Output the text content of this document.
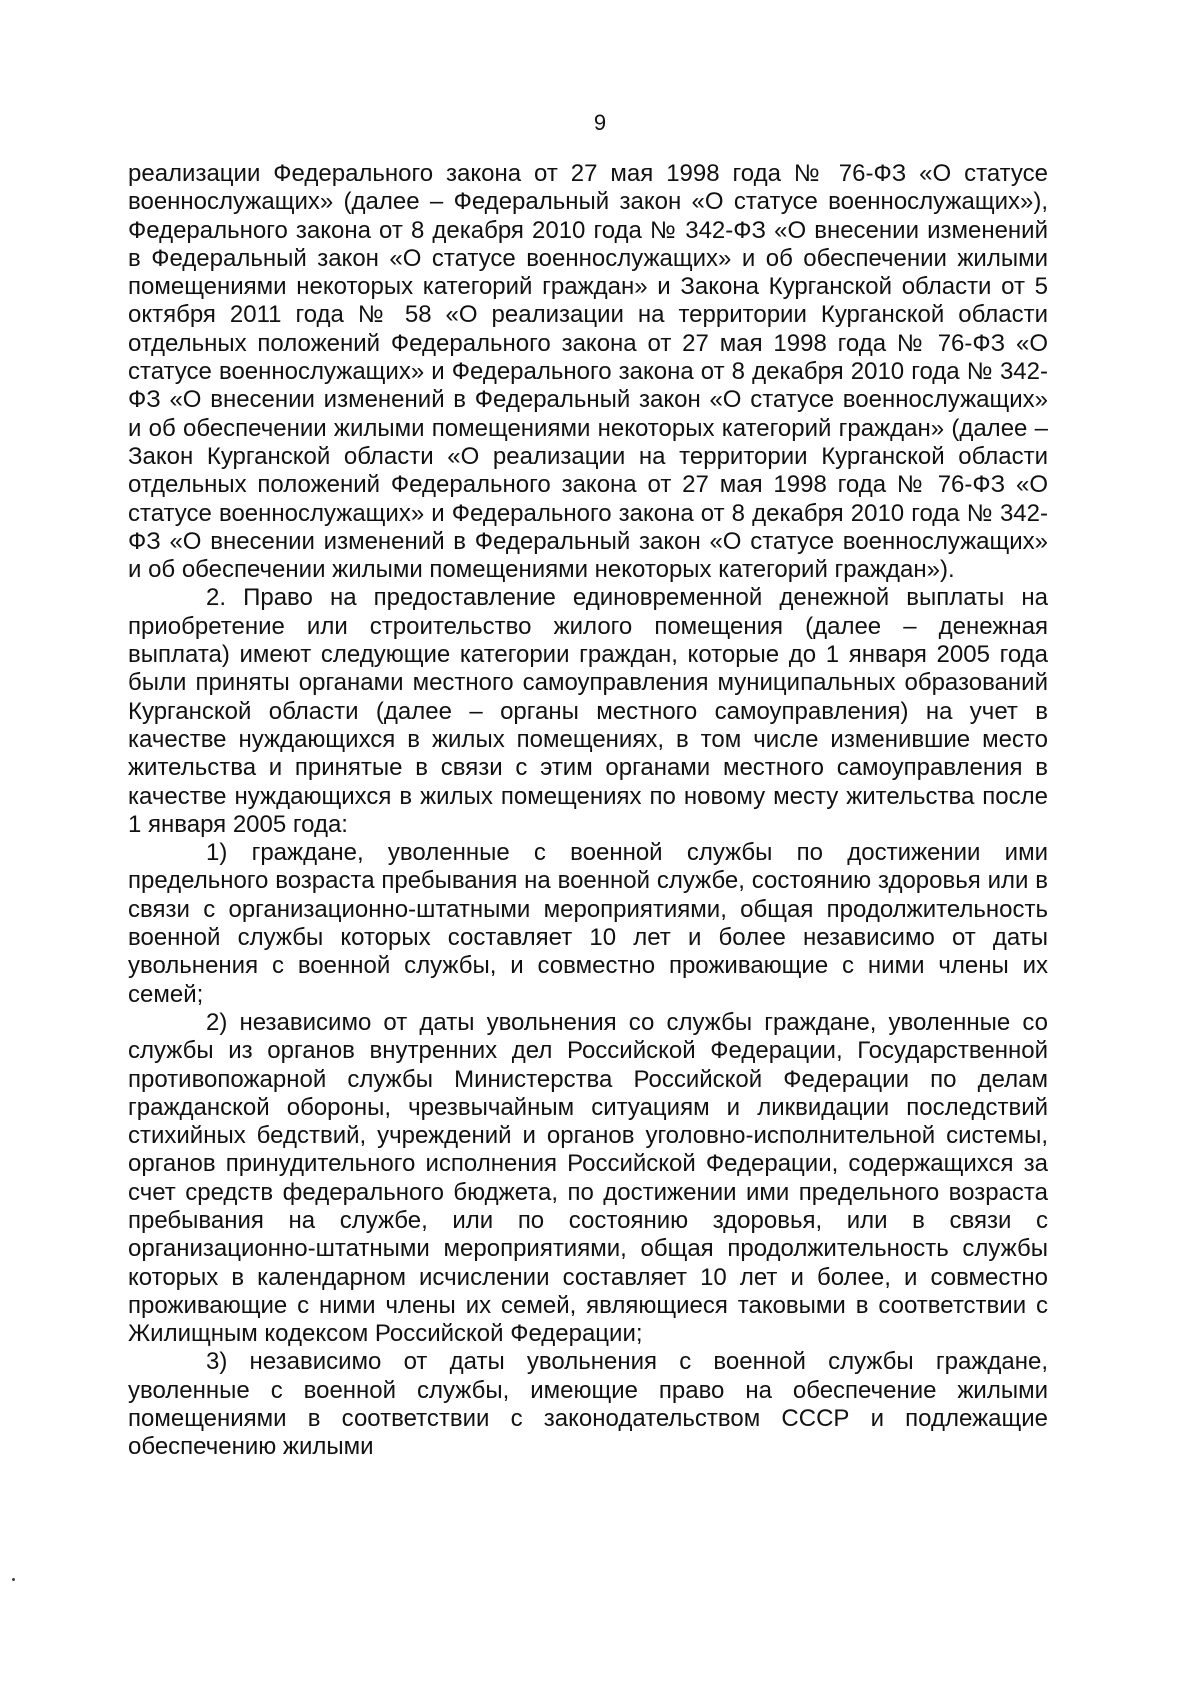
9

реализации Федерального закона от 27 мая 1998 года № 76-ФЗ «О статусе военнослужащих» (далее – Федеральный закон «О статусе военнослужащих»), Федерального закона от 8 декабря 2010 года № 342-ФЗ «О внесении изменений в Федеральный закон «О статусе военнослужащих» и об обеспечении жилыми помещениями некоторых категорий граждан» и Закона Курганской области от 5 октября 2011 года № 58 «О реализации на территории Курганской области отдельных положений Федерального закона от 27 мая 1998 года № 76-ФЗ «О статусе военнослужащих» и Федерального закона от 8 декабря 2010 года № 342-ФЗ «О внесении изменений в Федеральный закон «О статусе военнослужащих» и об обеспечении жилыми помещениями некоторых категорий граждан» (далее – Закон Курганской области «О реализации на территории Курганской области отдельных положений Федерального закона от 27 мая 1998 года № 76-ФЗ «О статусе военнослужащих» и Федерального закона от 8 декабря 2010 года № 342-ФЗ «О внесении изменений в Федеральный закон «О статусе военнослужащих» и об обеспечении жилыми помещениями некоторых категорий граждан»).

2. Право на предоставление единовременной денежной выплаты на приобретение или строительство жилого помещения (далее – денежная выплата) имеют следующие категории граждан, которые до 1 января 2005 года были приняты органами местного самоуправления муниципальных образований Курганской области (далее – органы местного самоуправления) на учет в качестве нуждающихся в жилых помещениях, в том числе изменившие место жительства и принятые в связи с этим органами местного самоуправления в качестве нуждающихся в жилых помещениях по новому месту жительства после 1 января 2005 года:

1) граждане, уволенные с военной службы по достижении ими предельного возраста пребывания на военной службе, состоянию здоровья или в связи с организационно-штатными мероприятиями, общая продолжительность военной службы которых составляет 10 лет и более независимо от даты увольнения с военной службы, и совместно проживающие с ними члены их семей;

2) независимо от даты увольнения со службы граждане, уволенные со службы из органов внутренних дел Российской Федерации, Государственной противопожарной службы Министерства Российской Федерации по делам гражданской обороны, чрезвычайным ситуациям и ликвидации последствий стихийных бедствий, учреждений и органов уголовно-исполнительной системы, органов принудительного исполнения Российской Федерации, содержащихся за счет средств федерального бюджета, по достижении ими предельного возраста пребывания на службе, или по состоянию здоровья, или в связи с организационно-штатными мероприятиями, общая продолжительность службы которых в календарном исчислении составляет 10 лет и более, и совместно проживающие с ними члены их семей, являющиеся таковыми в соответствии с Жилищным кодексом Российской Федерации;

3) независимо от даты увольнения с военной службы граждане, уволенные с военной службы, имеющие право на обеспечение жилыми помещениями в соответствии с законодательством СССР и подлежащие обеспечению жилыми
